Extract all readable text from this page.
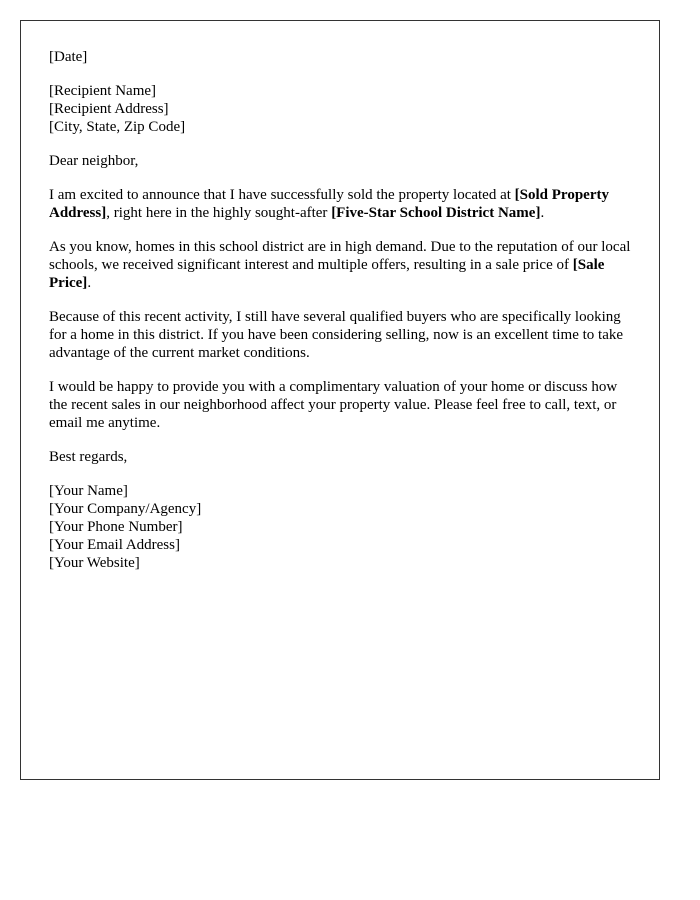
[Date]
[Recipient Name]
[Recipient Address]
[City, State, Zip Code]

Dear neighbor,

I am excited to announce that I have successfully sold the property located at [Sold Property Address], right here in the highly sought-after [Five-Star School District Name].

As you know, homes in this school district are in high demand. Due to the reputation of our local schools, we received significant interest and multiple offers, resulting in a sale price of [Sale Price].

Because of this recent activity, I still have several qualified buyers who are specifically looking for a home in this district. If you have been considering selling, now is an excellent time to take advantage of the current market conditions.

I would be happy to provide you with a complimentary valuation of your home or discuss how the recent sales in our neighborhood affect your property value. Please feel free to call, text, or email me anytime.

Best regards,

[Your Name]
[Your Company/Agency]
[Your Phone Number]
[Your Email Address]
[Your Website]
